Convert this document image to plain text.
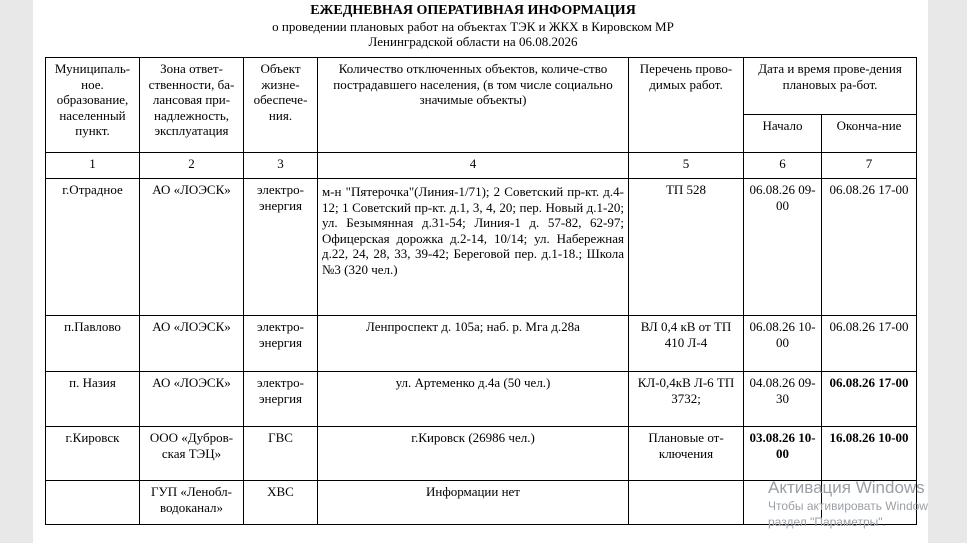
ЕЖЕДНЕВНАЯ ОПЕРАТИВНАЯ ИНФОРМАЦИЯ
о проведении плановых работ на объектах ТЭК и ЖКХ в Кировском МР
Ленинградской области на 06.08.2026
Муниципаль-ное. образование, населенный пункт.	Зона ответ-ственности, ба-лансовая при-надлежность, эксплуатация	Объект жизне-обеспече-ния.	Количество отключенных объектов, количе-ство пострадавшего населения, (в том числе социально значимые объекты)	Перечень прово-димых работ.	Дата и время прове-дения плановых ра-бот.	
					Начало	Оконча-ние
1	2	3	4	5	6	7
г.Отрадное	АО «ЛОЭСК»	электро-энергия	м-н "Пятерочка"(Линия-1/71); 2 Советский пр-кт. д.4-12; 1 Советский пр-кт. д.1, 3, 4, 20; пер. Новый д.1-20; ул. Безымянная д.31-54; Линия-1 д. 57-82, 62-97; Офицерская дорожка д.2-14, 10/14; ул. Набережная д.22, 24, 28, 33, 39-42; Береговой пер. д.1-18.; Школа №3 (320 чел.)	ТП 528	06.08.26 09-00	06.08.26 17-00
п.Павлово	АО «ЛОЭСК»	электро-энергия	Ленпроспект д. 105а; наб. р. Мга д.28а	ВЛ 0,4 кВ от ТП 410 Л-4	06.08.26 10-00	06.08.26 17-00
п. Назия	АО «ЛОЭСК»	электро-энергия	ул. Артеменко д.4а (50 чел.)	КЛ-0,4кВ Л-6 ТП 3732;	04.08.26 09-30	06.08.26 17-00
г.Кировск	ООО «Дубров-ская ТЭЦ»	ГВС	г.Кировск (26986 чел.)	Плановые от-ключения	03.08.26 10-00	16.08.26 10-00
	ГУП «Ленобл-водоканал»	ХВС	Информации нет				Активация Windows
Чтобы активировать Window
раздел "Параметры".
